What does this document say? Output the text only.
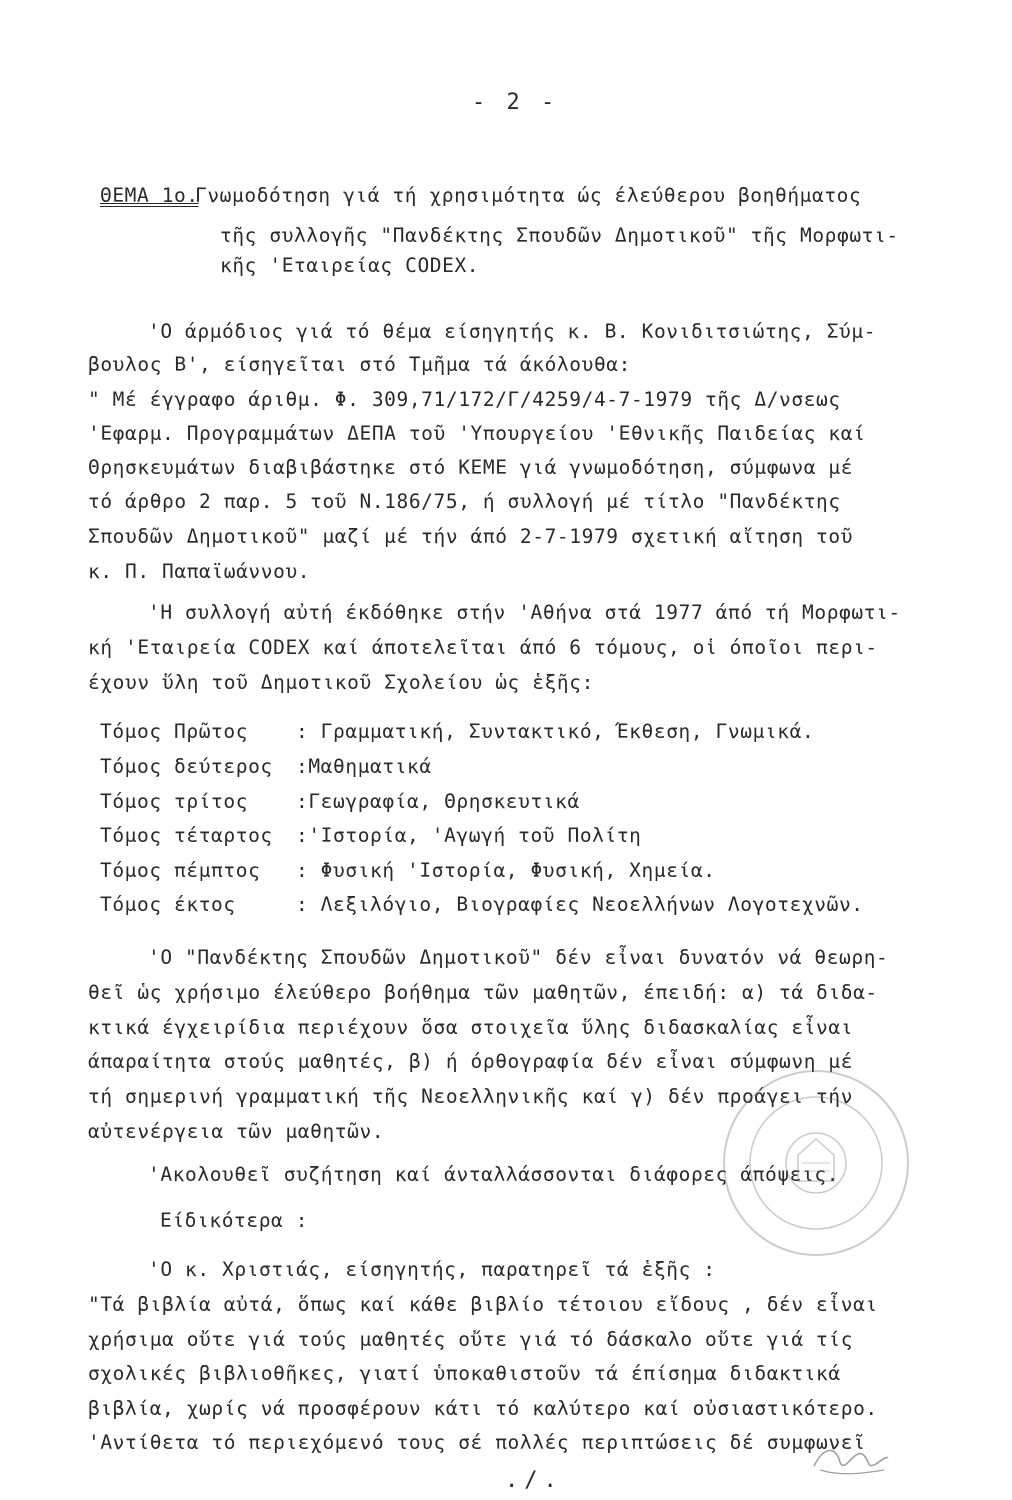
- 2 -
ΘΕΜΑ 1ο.
Γνωμοδότηση γιά τή χρησιμότητα ώς έλεύθερου βοηθήματος
τῆς συλλογῆς "Πανδέκτης Σπουδῶν Δημοτικοῦ" τῆς Μορφωτι-
κῆς 'Εταιρείας CODEX.
'Ο άρμόδιος γιά τό θέμα είσηγητής κ. Β. Κονιδιτσιώτης, Σύμ-
βουλος Β', είσηγεῖται στό Τμῆμα τά άκόλουθα:
" Μέ έγγραφο άριθμ. Φ. 309,71/172/Γ/4259/4-7-1979 τῆς Δ/νσεως
'Εφαρμ. Προγραμμάτων ΔΕΠΑ τοῦ 'Υπουργείου 'Εθνικῆς Παιδείας καί
Θρησκευμάτων διαβιβάστηκε στό ΚΕΜΕ γιά γνωμοδότηση, σύμφωνα μέ
τό άρθρο 2 παρ. 5 τοῦ Ν.186/75, ή συλλογή μέ τίτλο "Πανδέκτης
Σπουδῶν Δημοτικοῦ" μαζί μέ τήν άπό 2-7-1979 σχετική αἴτηση τοῦ
κ. Π. Παπαϊωάννου.
'Η συλλογή αὐτή έκδόθηκε στήν 'Αθήνα στά 1977 άπό τή Μορφωτι-
κή 'Εταιρεία CODEX καί άποτελεῖται άπό 6 τόμους, οἱ όποῖοι περι-
έχουν ὕλη τοῦ Δημοτικοῦ Σχολείου ὡς ἑξῆς:
Τόμος Πρῶτος : Γραμματική, Συντακτικό, Έκθεση, Γνωμικά.
Τόμος δεύτερος :Μαθηματικά
Τόμος τρίτος :Γεωγραφία, Θρησκευτικά
Τόμος τέταρτος :'Ιστορία, 'Αγωγή τοῦ Πολίτη
Τόμος πέμπτος : Φυσική 'Ιστορία, Φυσική, Χημεία.
Τόμος έκτος	: Λεξιλόγιο, Βιογραφίες Νεοελλήνων Λογοτεχνῶν.
'Ο "Πανδέκτης Σπουδῶν Δημοτικοῦ" δέν εἶναι δυνατόν νά θεωρη-
θεῖ ὡς χρήσιμο έλεύθερο βοήθημα τῶν μαθητῶν, έπειδή: α) τά διδα-
κτικά έγχειρίδια περιέχουν ὅσα στοιχεῖα ὕλης διδασκαλίας εἶναι
άπαραίτητα στούς μαθητές, β) ή όρθογραφία δέν εἶναι σύμφωνη μέ
τή σημερινή γραμματική τῆς Νεοελληνικῆς καί γ) δέν προάγει τήν
αὐτενέργεια τῶν μαθητῶν.
'Ακολουθεῖ συζήτηση καί άνταλλάσσονται διάφορες άπόψεις.
Είδικότερα :
'Ο κ. Χριστιάς, είσηγητής, παρατηρεῖ τά ἑξῆς :
"Τά βιβλία αὐτά, ὅπως καί κάθε βιβλίο τέτοιου εἴδους , δέν εἶναι
χρήσιμα οὔτε γιά τούς μαθητές οὔτε γιά τό δάσκαλο οὔτε γιά τίς
σχολικές βιβλιοθῆκες, γιατί ὑποκαθιστοῦν τά έπίσημα διδακτικά
βιβλία, χωρίς νά προσφέρουν κάτι τό καλύτερο καί οὐσιαστικότερο.
'Αντίθετα τό περιεχόμενό τους σέ πολλές περιπτώσεις δέ συμφωνεῖ
./.
